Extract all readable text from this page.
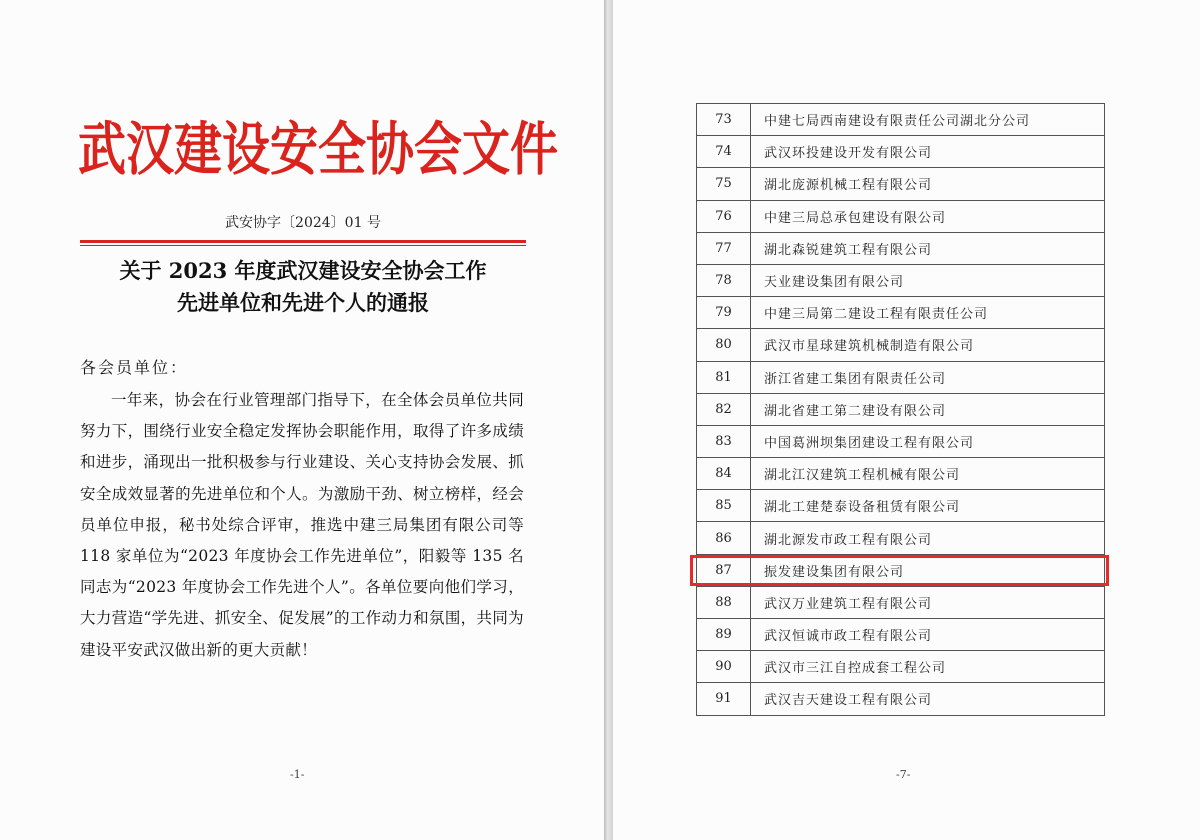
武汉建设安全协会文件
武安协字〔2024〕01 号
关于 2023 年度武汉建设安全协会工作
先进单位和先进个人的通报
各会员单位：
一年来，协会在行业管理部门指导下，在全体会员单位共同努力下，围绕行业安全稳定发挥协会职能作用，取得了许多成绩和进步，涌现出一批积极参与行业建设、关心支持协会发展、抓安全成效显著的先进单位和个人。为激励干劲、树立榜样，经会员单位申报，秘书处综合评审，推选中建三局集团有限公司等 118 家单位为“2023 年度协会工作先进单位”，阳毅等 135 名同志为“2023 年度协会工作先进个人”。各单位要向他们学习，大力营造“学先进、抓安全、促发展”的工作动力和氛围，共同为建设平安武汉做出新的更大贡献！
-1-
73	中建七局西南建设有限责任公司湖北分公司
74	武汉环投建设开发有限公司
75	湖北庞源机械工程有限公司
76	中建三局总承包建设有限公司
77	湖北森锐建筑工程有限公司
78	天业建设集团有限公司
79	中建三局第二建设工程有限责任公司
80	武汉市星球建筑机械制造有限公司
81	浙江省建工集团有限责任公司
82	湖北省建工第二建设有限公司
83	中国葛洲坝集团建设工程有限公司
84	湖北江汉建筑工程机械有限公司
85	湖北工建楚泰设备租赁有限公司
86	湖北源发市政工程有限公司
87	振发建设集团有限公司
88	武汉万业建筑工程有限公司
89	武汉恒诚市政工程有限公司
90	武汉市三江自控成套工程公司
91	武汉吉天建设工程有限公司
-7-
